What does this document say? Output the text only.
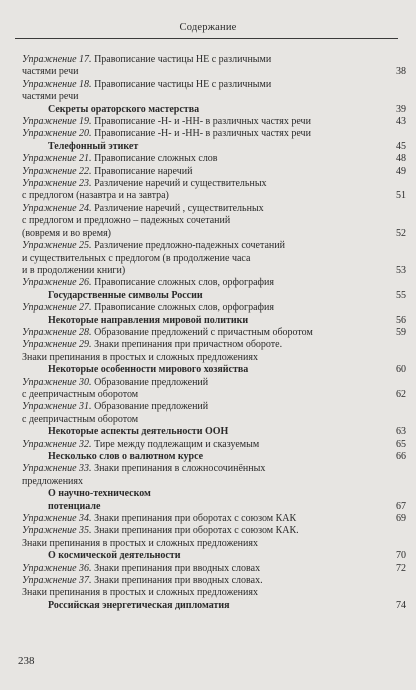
Содержание
Упражнение 17. Правописание частицы НЕ с различными
частями речи	38
Упражнение 18. Правописание частицы НЕ с различными
частями речи
Секреты ораторского мастерства	39
Упражнение 19. Правописание -Н- и -НН- в различных частях речи	43
Упражнение 20. Правописание -Н- и -НН- в различных частях речи
Телефонный этикет	45
Упражнение 21. Правописание сложных слов	48
Упражнение 22. Правописание наречий	49
Упражнение 23. Различение наречий и существительных
с предлогом (назавтра и на завтра)	51
Упражнение 24. Различение наречий , существительных
с предлогом и предложно – падежных сочетаний
(вовремя и во время)	52
Упражнение 25. Различение предложно-падежных сочетаний
и существительных с предлогом (в продолжение часа
и в продолжении книги)	53
Упражнение 26. Правописание сложных слов, орфография
Государственные символы России	55
Упражнение 27. Правописание сложных слов, орфография
Некоторые направления мировой политики	56
Упражнение 28. Образование предложений с причастным оборотом	59
Упражнение 29. Знаки препинания при причастном обороте.
Знаки препинания в простых и сложных предложениях
Некоторые особенности мирового хозяйства	60
Упражнение 30. Образование предложений
с деепричастным оборотом	62
Упражнение 31. Образование предложений
с деепричастным оборотом
Некоторые аспекты деятельности ООН	63
Упражнение 32. Тире между подлежащим и сказуемым	65
Несколько слов о валютном курсе	66
Упражнение 33. Знаки препинания в сложносочинённых
предложениях
О научно-техническом
потенциале	67
Упражнение 34. Знаки препинания при оборотах с союзом КАК	69
Упражнение 35. Знаки препинания при оборотах с союзом КАК.
Знаки препинания в простых и сложных предложениях
О космической деятельности	70
Упражнение 36. Знаки препинания при вводных словах	72
Упражнение 37. Знаки препинания при вводных словах.
Знаки препинания в простых и сложных предложениях
Российская энергетическая дипломатия	74
238
